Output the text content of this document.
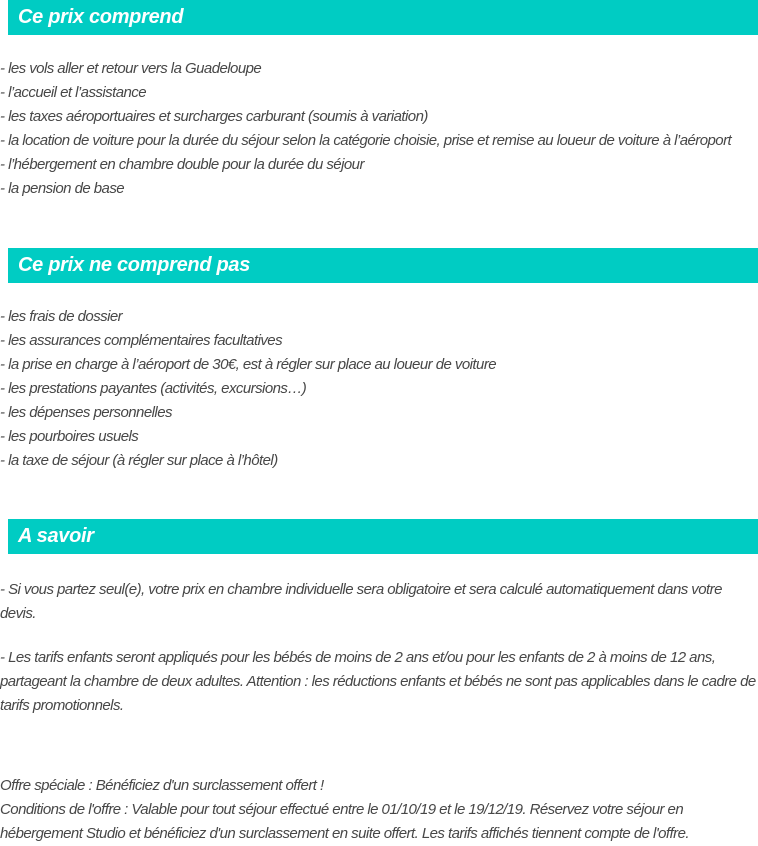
Ce prix comprend
- les vols aller et retour vers la Guadeloupe
- l’accueil et l’assistance
- les taxes aéroportuaires et surcharges carburant (soumis à variation)
- la location de voiture pour la durée du séjour selon la catégorie choisie, prise et remise au loueur de voiture à l’aéroport
- l’hébergement en chambre double pour la durée du séjour
- la pension de base
Ce prix ne comprend pas
- les frais de dossier
- les assurances complémentaires facultatives
- la prise en charge à l’aéroport de 30€, est à régler sur place au loueur de voiture
- les prestations payantes (activités, excursions…)
- les dépenses personnelles
- les pourboires usuels
- la taxe de séjour (à régler sur place à l’hôtel)
A savoir

- Si vous partez seul(e), votre prix en chambre individuelle sera obligatoire et sera calculé automatiquement dans votre devis.

- Les tarifs enfants seront appliqués pour les bébés de moins de 2 ans et/ou pour les enfants de 2 à moins de 12 ans, partageant la chambre de deux adultes. Attention : les réductions enfants et bébés ne sont pas applicables dans le cadre de tarifs promotionnels.

Offre spéciale : Bénéficiez d'un surclassement offert !

Conditions de l'offre : Valable pour tout séjour effectué entre le 01/10/19 et le 19/12/19. Réservez votre séjour en hébergement Studio et bénéficiez d'un surclassement en suite offert. Les tarifs affichés tiennent compte de l'offre.
